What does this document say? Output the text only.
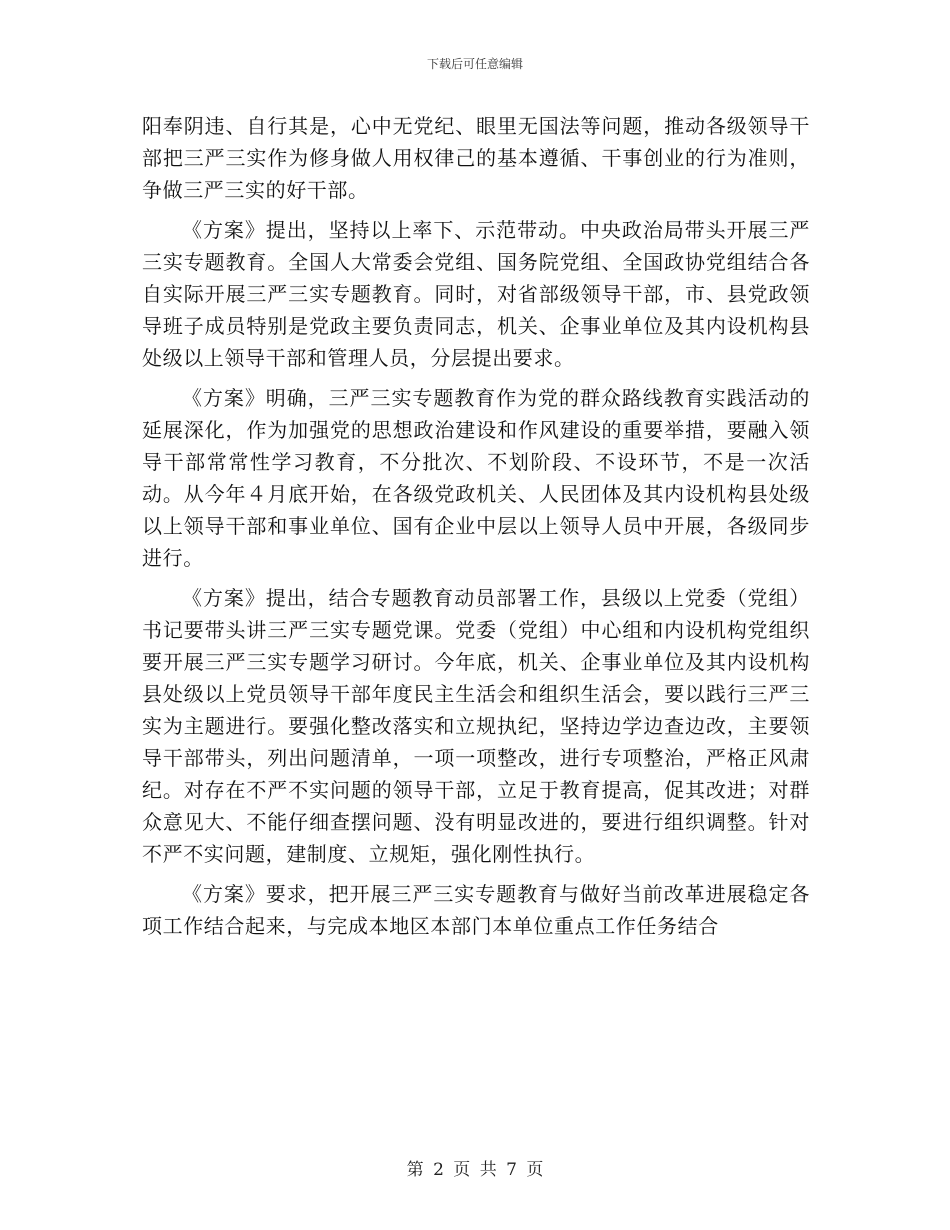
下载后可任意编辑

阳奉阴违、自行其是，心中无党纪、眼里无国法等问题，推动各级领导干部把三严三实作为修身做人用权律己的基本遵循、干事创业的行为准则，争做三严三实的好干部。

《方案》提出，坚持以上率下、示范带动。中央政治局带头开展三严三实专题教育。全国人大常委会党组、国务院党组、全国政协党组结合各自实际开展三严三实专题教育。同时，对省部级领导干部，市、县党政领导班子成员特别是党政主要负责同志，机关、企事业单位及其内设机构县处级以上领导干部和管理人员，分层提出要求。

《方案》明确，三严三实专题教育作为党的群众路线教育实践活动的延展深化，作为加强党的思想政治建设和作风建设的重要举措，要融入领导干部常常性学习教育，不分批次、不划阶段、不设环节，不是一次活动。从今年４月底开始，在各级党政机关、人民团体及其内设机构县处级以上领导干部和事业单位、国有企业中层以上领导人员中开展，各级同步进行。

《方案》提出，结合专题教育动员部署工作，县级以上党委（党组）书记要带头讲三严三实专题党课。党委（党组）中心组和内设机构党组织要开展三严三实专题学习研讨。今年底，机关、企事业单位及其内设机构县处级以上党员领导干部年度民主生活会和组织生活会，要以践行三严三实为主题进行。要强化整改落实和立规执纪，坚持边学边查边改，主要领导干部带头，列出问题清单，一项一项整改，进行专项整治，严格正风肃纪。对存在不严不实问题的领导干部，立足于教育提高，促其改进；对群众意见大、不能仔细查摆问题、没有明显改进的，要进行组织调整。针对不严不实问题，建制度、立规矩，强化刚性执行。

《方案》要求，把开展三严三实专题教育与做好当前改革进展稳定各项工作结合起来，与完成本地区本部门本单位重点工作任务结合

第 2 页 共 7 页
